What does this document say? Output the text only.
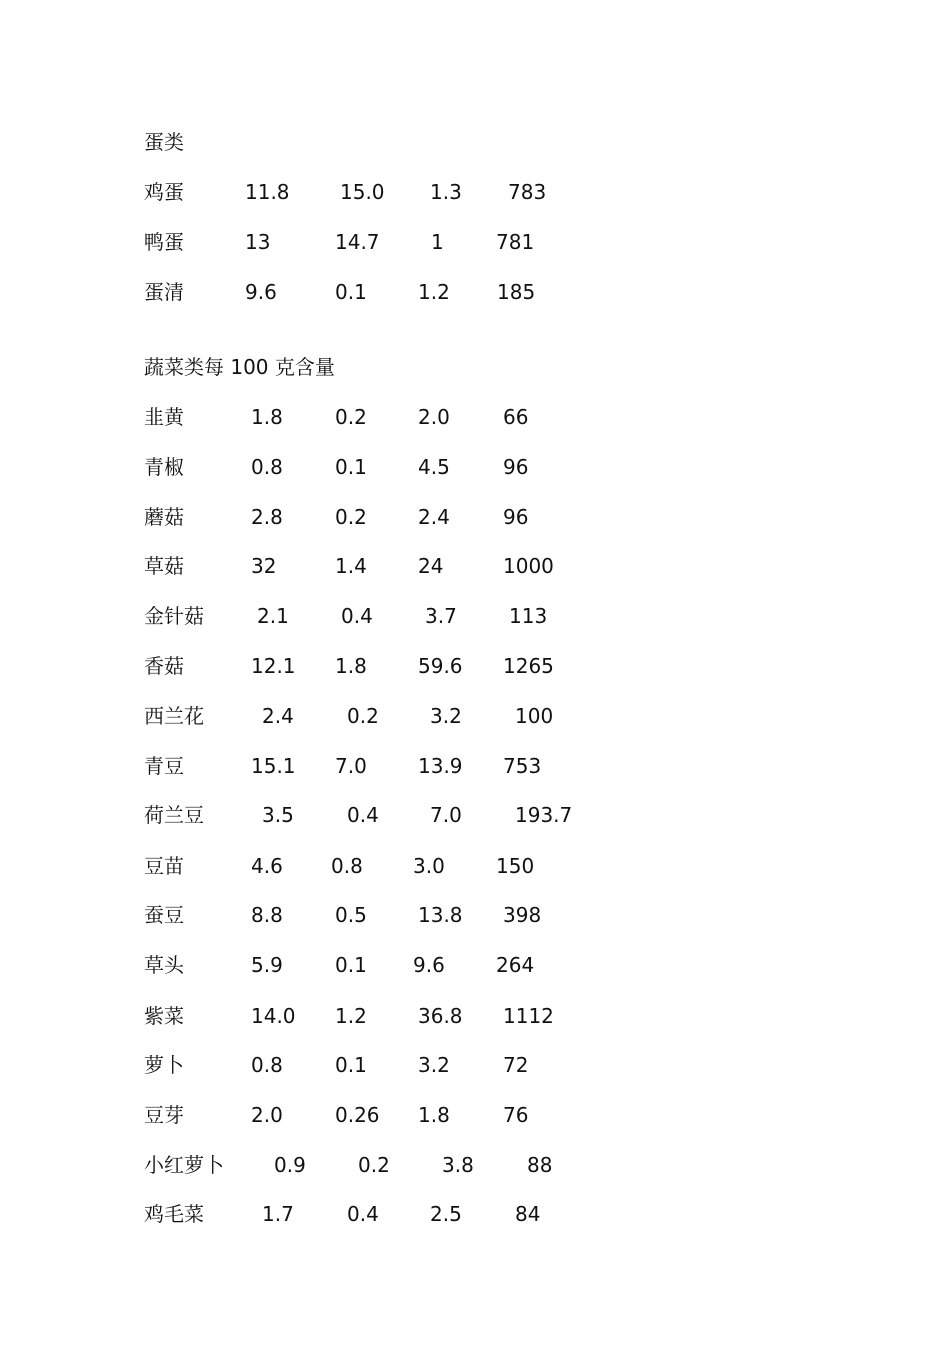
蛋类
鸡蛋	11.8	15.0 1.3 783
鸭蛋	13	14.7	1	781
蛋清	9.6	0.1	1.2 185
蔬菜类每 100 克含量
韭黄	1.8	0.2	2.0	66
青椒	0.8	0.1	4.5	96
蘑菇	2.8	0.2	2.4	96
草菇	32	1.4	24	1000
金针菇	2.1	0.4	3.7	113
香菇	12.1 1.8	59.6 1265
西兰花	2.4	0.2	3.2	100
青豆	15.1 7.0	13.9 753
荷兰豆	3.5	0.4	7.0	193.7
豆苗	4.6 0.8	3.0	150
蚕豆	8.8	0.5	13.8 398
草头	5.9	0.1 9.6	264
紫菜	14.0 1.2	36.8 1112
萝卜	0.8	0.1	3.2	72
豆芽	2.0	0.26 1.8	76
小红萝卜	0.9	0.2	3.8	88
鸡毛菜	1.7	0.4	2.5	84
